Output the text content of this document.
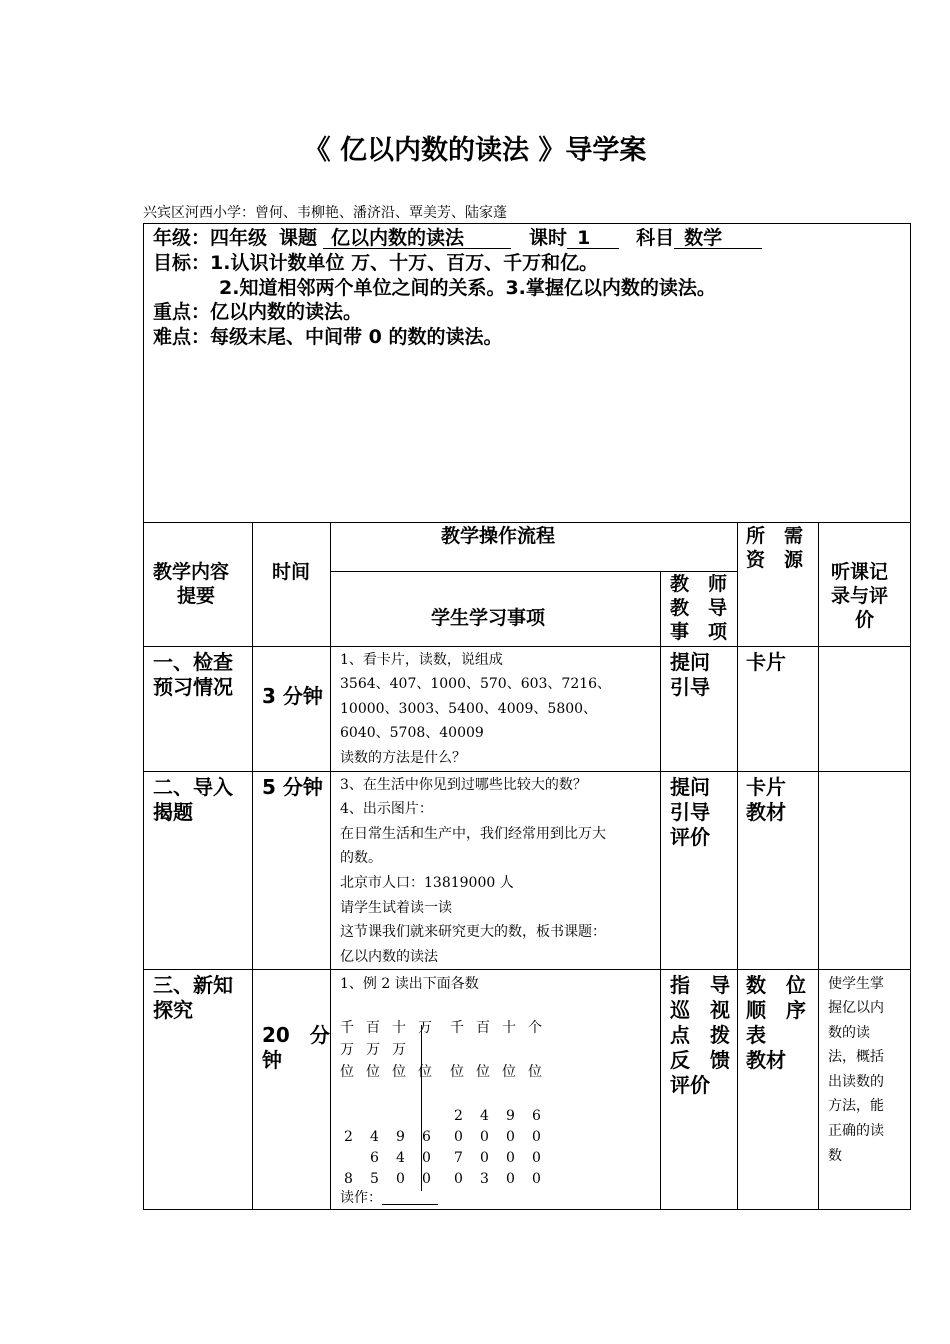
《 亿以内数的读法 》导学案
兴宾区河西小学：曾何、韦柳艳、潘济沿、覃美芳、陆家蓬
年级：四年级 课题 亿以内数的读法	课时 1 科目 数学
目标：1.认识计数单位 万、十万、百万、千万和亿。
2.知道相邻两个单位之间的关系。3.掌握亿以内数的读法。
重点：亿以内数的读法。
难点：每级末尾、中间带 0 的数的读法。
教学内容
提要
时间
教学操作流程	所　需
资　源
听课记
录与评
价
学生学习事项
教　师
教　导
事　项
一、检查
预习情况 3 分钟
1、看卡片，读数，说组成
3564、407、1000、570、603、7216、
10000、3003、5400、4009、5800、
6040、5708、40009
读数的方法是什么？
提问
引导
卡片
二、导入
揭题
5 分钟 3、在生活中你见到过哪些比较大的数？
4、出示图片：
在日常生活和生产中，我们经常用到比万大
的数。
北京市人口：13819000 人
请学生试着读一读
这节课我们就来研究更大的数，板书课题：
亿以内数的读法
提问
引导
评价
卡片
教材
三、新知
探究
20　分
钟
1、例 2 读出下面各数
千 百 十 万 千 百 十 个
万 万 万
位 位 位 位 位 位 位 位
2 4 9 6
2 4 9 6 0 0 0 0
6 4 0 7 0 0 0
8 5 0 0 0 3 0 0
读作：
指　导
巡　视
点　拨
反　馈
评价
数　位
顺　序
表
教材
使学生掌
握亿以内
数的读
法，概括
出读数的
方法，能
正确的读
数
